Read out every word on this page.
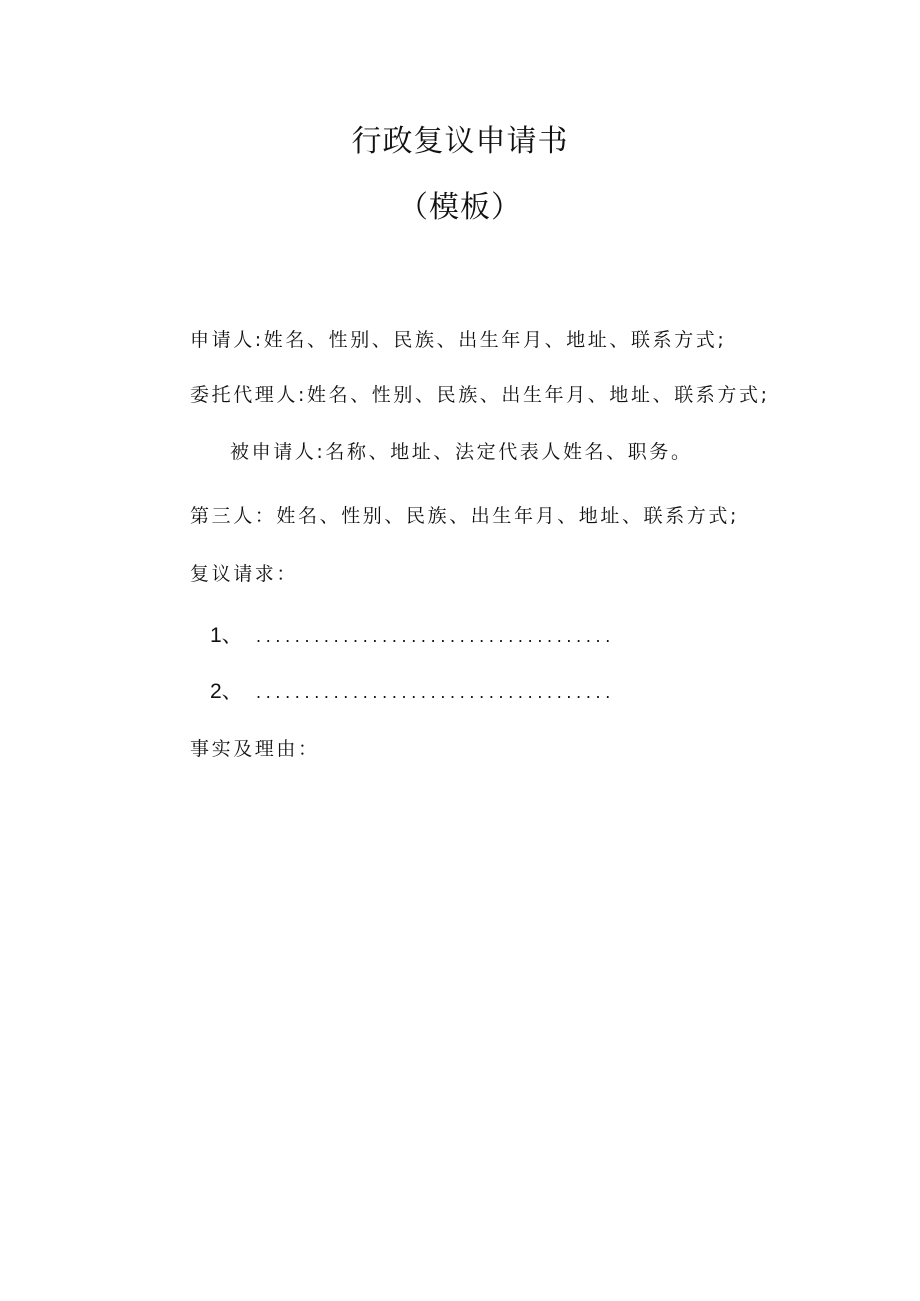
行政复议申请书
（模板）

申请人:姓名、性别、民族、出生年月、地址、联系方式;

委托代理人:姓名、性别、民族、出生年月、地址、联系方式;

被申请人:名称、地址、法定代表人姓名、职务。

第三人：姓名、性别、民族、出生年月、地址、联系方式;

复议请求：

1、 .....................................
2、 .....................................

事实及理由：
